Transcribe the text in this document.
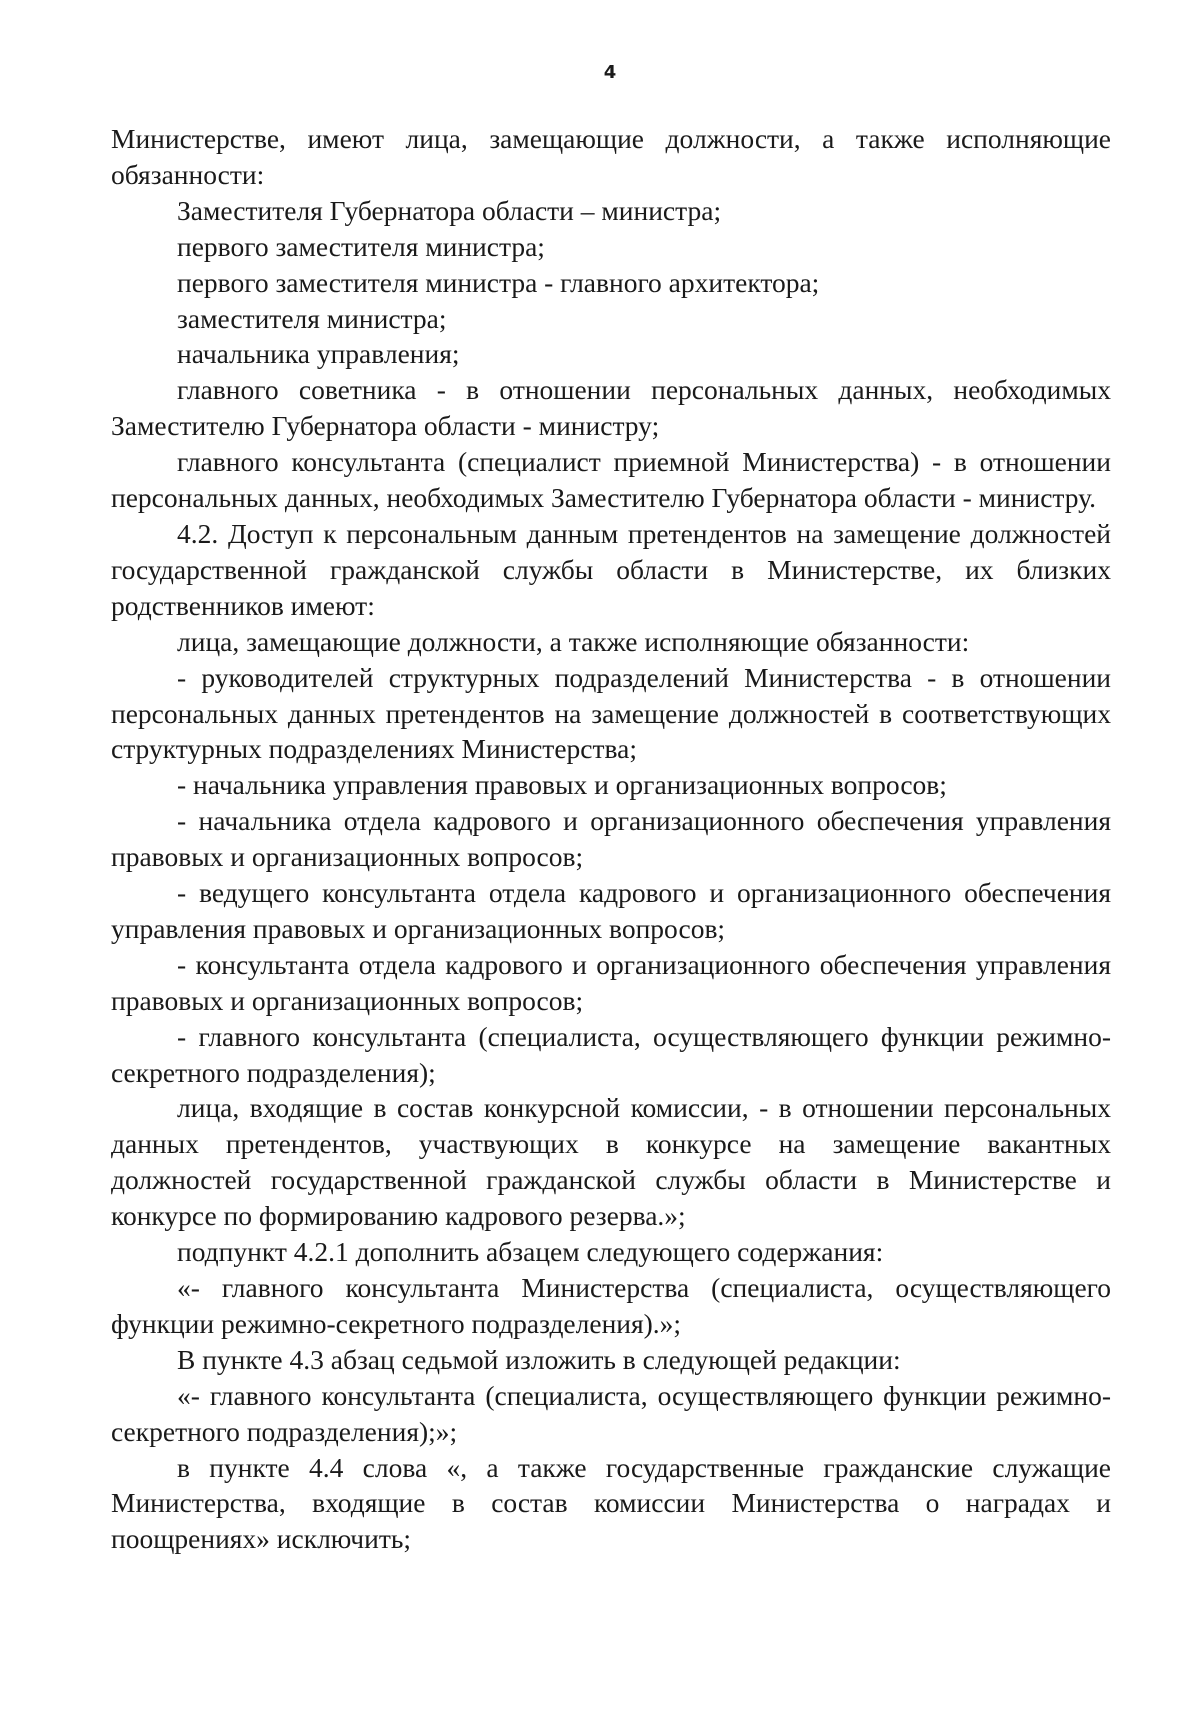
4

Министерстве, имеют лица, замещающие должности, а также исполняющие обязанности:

Заместителя Губернатора области – министра;

первого заместителя министра;

первого заместителя министра - главного архитектора;

заместителя министра;

начальника управления;

главного советника - в отношении персональных данных, необходимых Заместителю Губернатора области - министру;

главного консультанта (специалист приемной Министерства) - в отношении персональных данных, необходимых Заместителю Губернатора области - министру.

4.2. Доступ к персональным данным претендентов на замещение должностей государственной гражданской службы области в Министерстве, их близких родственников имеют:

лица, замещающие должности, а также исполняющие обязанности:

- руководителей структурных подразделений Министерства - в отношении персональных данных претендентов на замещение должностей в соответствующих структурных подразделениях Министерства;

- начальника управления правовых и организационных вопросов;

- начальника отдела кадрового и организационного обеспечения управления правовых и организационных вопросов;

- ведущего консультанта отдела кадрового и организационного обеспечения управления правовых и организационных вопросов;

- консультанта отдела кадрового и организационного обеспечения управления правовых и организационных вопросов;

- главного консультанта (специалиста, осуществляющего функции режимно-секретного подразделения);

лица, входящие в состав конкурсной комиссии, - в отношении персональных данных претендентов, участвующих в конкурсе на замещение вакантных должностей государственной гражданской службы области в Министерстве и конкурсе по формированию кадрового резерва.»;

подпункт 4.2.1 дополнить абзацем следующего содержания:

«- главного консультанта Министерства (специалиста, осуществляющего функции режимно-секретного подразделения).»;

В пункте 4.3 абзац седьмой изложить в следующей редакции:

«- главного консультанта (специалиста, осуществляющего функции режимно-секретного подразделения);»;

в пункте 4.4 слова «, а также государственные гражданские служащие Министерства, входящие в состав комиссии Министерства о наградах и поощрениях» исключить;
